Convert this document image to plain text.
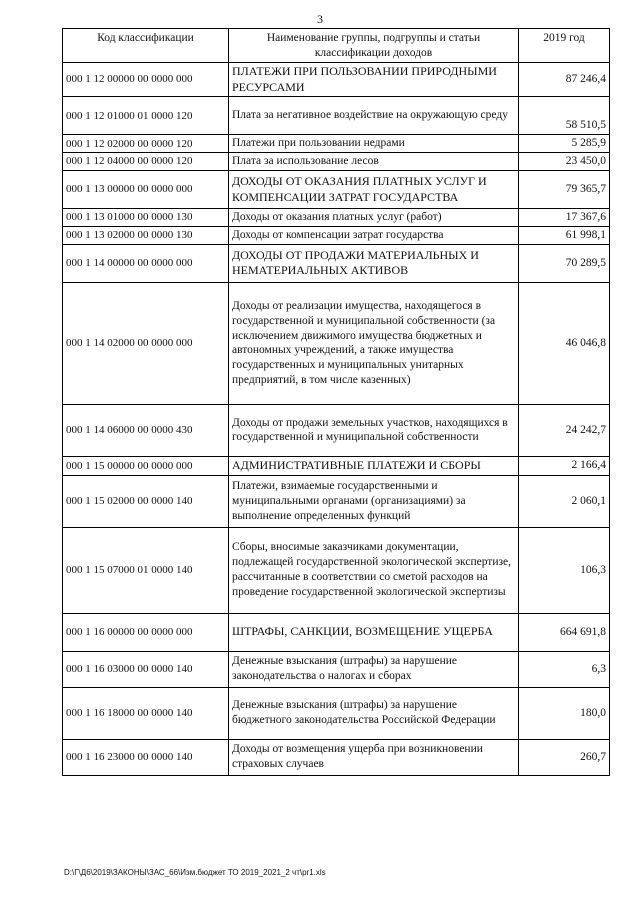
3
Код классификации	Наименование группы, подгруппы и статьи классификации доходов	2019 год
000 1 12 00000 00 0000 000	ПЛАТЕЖИ ПРИ ПОЛЬЗОВАНИИ ПРИРОДНЫМИ РЕСУРСАМИ	87 246,4
000 1 12 01000 01 0000 120	Плата за негативное воздействие на окружающую среду	58 510,5
000 1 12 02000 00 0000 120	Платежи при пользовании недрами	5 285,9
000 1 12 04000 00 0000 120	Плата за использование лесов	23 450,0
000 1 13 00000 00 0000 000	ДОХОДЫ ОТ ОКАЗАНИЯ ПЛАТНЫХ УСЛУГ И КОМПЕНСАЦИИ ЗАТРАТ ГОСУДАРСТВА	79 365,7
000 1 13 01000 00 0000 130	Доходы от оказания платных услуг (работ)	17 367,6
000 1 13 02000 00 0000 130	Доходы от компенсации затрат государства	61 998,1
000 1 14 00000 00 0000 000	ДОХОДЫ ОТ ПРОДАЖИ МАТЕРИАЛЬНЫХ И НЕМАТЕРИАЛЬНЫХ АКТИВОВ	70 289,5
000 1 14 02000 00 0000 000	Доходы от реализации имущества, находящегося в государственной и муниципальной собственности (за исключением движимого имущества бюджетных и автономных учреждений, а также имущества государственных и муниципальных унитарных предприятий, в том числе казенных)	46 046,8
000 1 14 06000 00 0000 430	Доходы от продажи земельных участков, находящихся в государственной и муниципальной собственности	24 242,7
000 1 15 00000 00 0000 000	АДМИНИСТРАТИВНЫЕ ПЛАТЕЖИ И СБОРЫ	2 166,4
000 1 15 02000 00 0000 140	Платежи, взимаемые государственными и муниципальными органами (организациями) за выполнение определенных функций	2 060,1
000 1 15 07000 01 0000 140	Сборы, вносимые заказчиками документации, подлежащей государственной экологической экспертизе, рассчитанные в соответствии со сметой расходов на проведение государственной экологической экспертизы	106,3
000 1 16 00000 00 0000 000	ШТРАФЫ, САНКЦИИ, ВОЗМЕЩЕНИЕ УЩЕРБА	664 691,8
000 1 16 03000 00 0000 140	Денежные взыскания (штрафы) за нарушение законодательства о налогах и сборах	6,3
000 1 16 18000 00 0000 140	Денежные взыскания (штрафы) за нарушение бюджетного законодательства Российской Федерации	180,0
000 1 16 23000 00 0000 140	Доходы от возмещения ущерба при возникновении страховых случаев	260,7
D:\Г\Д6\2019\ЗАКОНЫ\ЗАС_66\Изм.бюджет ТО 2019_2021_2 чт\pr1.xls
